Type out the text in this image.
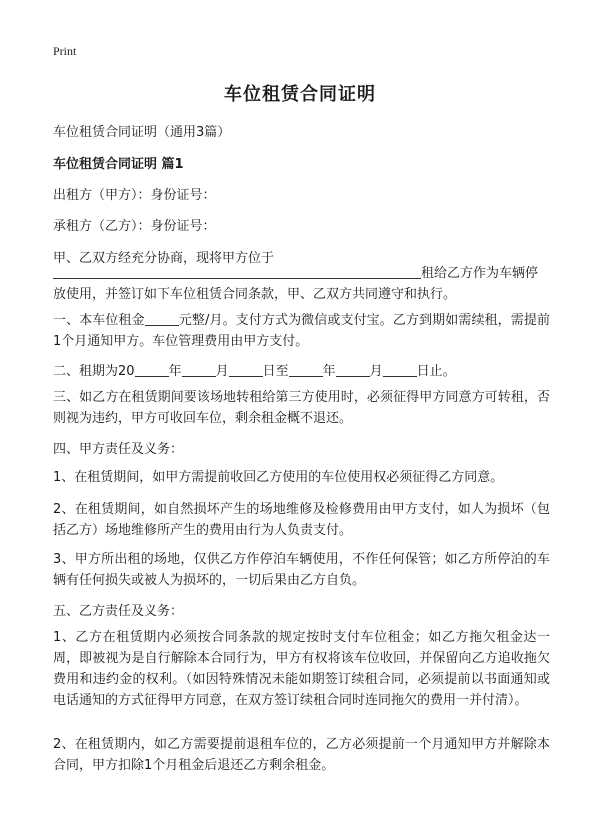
Print
车位租赁合同证明
车位租赁合同证明（通用3篇）
车位租赁合同证明 篇1
出租方（甲方）：身份证号：
承租方（乙方）：身份证号：
甲、乙双方经充分协商，现将甲方位于
租给乙方作为车辆停
放使用，并签订如下车位租赁合同条款，甲、乙双方共同遵守和执行。
一、本车位租金	元整/月。支付方式为微信或支付宝。乙方到期如需续租，需提前1个月通知甲方。车位管理费用由甲方支付。
二、租期为20	年	月	日至	年	月	日止。
三、如乙方在租赁期间要该场地转租给第三方使用时，必须征得甲方同意方可转租，否则视为违约，甲方可收回车位，剩余租金概不退还。
四、甲方责任及义务：
1、在租赁期间，如甲方需提前收回乙方使用的车位使用权必须征得乙方同意。
2、在租赁期间，如自然损坏产生的场地维修及检修费用由甲方支付，如人为损坏（包括乙方）场地维修所产生的费用由行为人负责支付。
3、甲方所出租的场地，仅供乙方作停泊车辆使用，不作任何保管；如乙方所停泊的车辆有任何损失或被人为损坏的，一切后果由乙方自负。
五、乙方责任及义务：
1、乙方在租赁期内必须按合同条款的规定按时支付车位租金；如乙方拖欠租金达一周，即被视为是自行解除本合同行为，甲方有权将该车位收回，并保留向乙方追收拖欠费用和违约金的权利。（如因特殊情况未能如期签订续租合同，必须提前以书面通知或电话通知的方式征得甲方同意，在双方签订续租合同时连同拖欠的费用一并付清）。
2、在租赁期内，如乙方需要提前退租车位的，乙方必须提前一个月通知甲方并解除本合同，甲方扣除1个月租金后退还乙方剩余租金。
